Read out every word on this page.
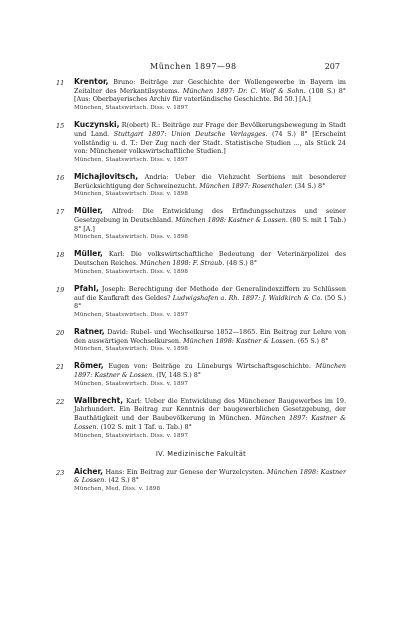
München 1897—98	207
11 Krentor, Bruno: Beiträge zur Geschichte der Wollengewerbe in Bayern im Zeitalter des Merkantilsystems. München 1897: Dr. C. Wolf & Sohn. (108 S.) 8° [Aus: Oberbayerisches Archiv für vaterländische Geschichte. Bd 50.] [A.]
München, Staatswirtsch. Diss. v. 1897
15 Kuczynski, R(obert) R.: Beiträge zur Frage der Bevölkerungsbewegung in Stadt und Land. Stuttgart 1897: Union Deutsche Verlagsges. (74 S.) 8° [Erscheint vollständig u. d. T.: Der Zug nach der Stadt. Statistische Studien ..., als Stück 24 von: Münchener volkswirtschaftliche Studien.]
München, Staatswirtsch. Diss. v. 1897
16 Michajlovitsch, Andria: Ueber die Viehzucht Serbiens mit besonderer Berücksichtigung der Schweinezucht. München 1897: Rosenthaler. (34 S.) 8°
München, Staatswirtsch. Diss. v. 1898
17 Müller, Alfred: Die Entwicklung des Erfindungsschutzes und seiner Gesetzgebung in Deutschland. München 1898: Kastner & Lossen. (80 S. mit 1 Tab.) 8° [A.]
München, Staatswirtsch. Diss. v. 1898
18 Müller, Karl: Die volkswirtschaftliche Bedeutung der Veterinärpolizei des Deutschen Reiches. München 1898: F. Straub. (48 S.) 8°
München, Staatswirtsch. Diss. v. 1898
19 Pfahl, Joseph: Berechtigung der Methode der Generalindexziffern zu Schlüssen auf die Kaufkraft des Geldes? Ludwigshafen a. Rh. 1897: J. Waldkirch & Co. (50 S.) 8°
München, Staatswirtsch. Diss. v. 1897
20 Ratner, David: Rubel- und Wechselkurse 1852—1865. Ein Beitrag zur Lehre von den auswärtigen Wechselkursen. München 1898: Kastner & Lossen. (65 S.) 8°
München, Staatswirtsch. Diss. v. 1898
21 Römer, Eugen von: Beiträge zu Lüneburgs Wirtschaftsgeschichte. München 1897: Kastner & Lossen. (IV, 148 S.) 8°
München, Staatswirtsch. Diss. v. 1897
22 Wallbrecht, Karl: Ueber die Entwicklung des Münchener Baugewerbes im 19. Jahrhundert. Ein Beitrag zur Kenntnis der baugewerblichen Gesetzgebung, der Bauthätigkeit und der Baubevölkerung in München. München 1897: Kastner & Lossen. (102 S. mit 1 Taf. u. Tab.) 8°
München, Staatswirtsch. Diss. v. 1897
IV. Medizinische Fakultät
23 Aicher, Hans: Ein Beitrag zur Genese der Wurzelcysten. München 1898: Kastner & Lossen. (42 S.) 8°
München, Med. Diss. v. 1898
